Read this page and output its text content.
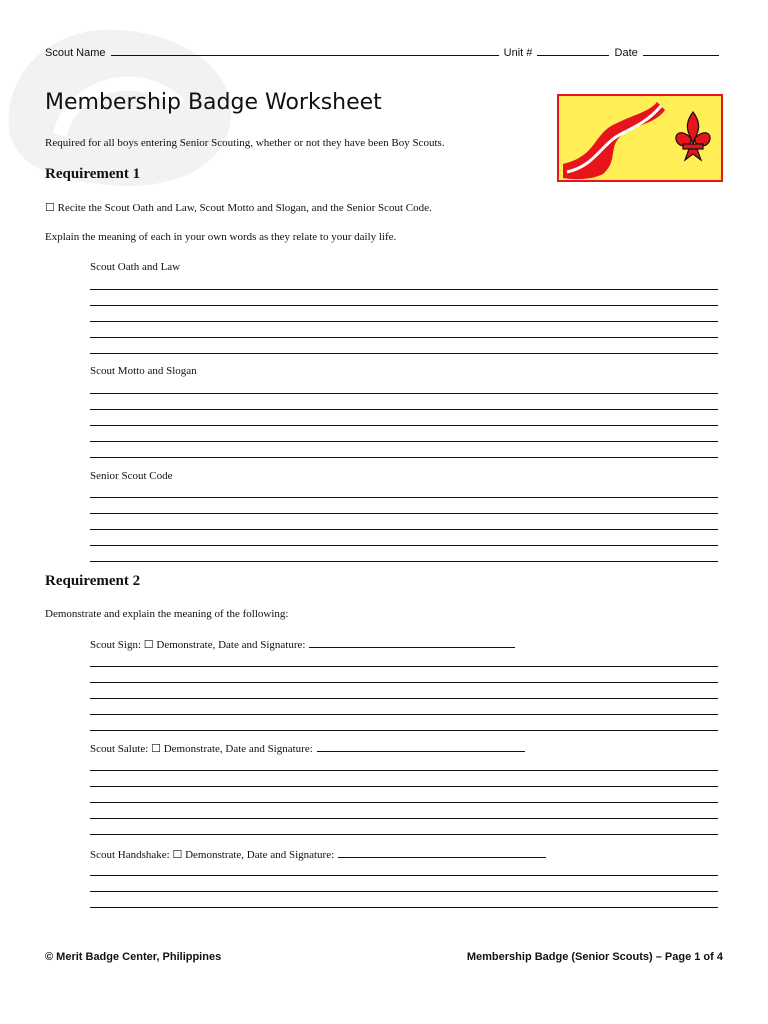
Scout Name	Unit #	Date
Membership Badge Worksheet
Required for all boys entering Senior Scouting, whether or not they have been Boy Scouts.
Requirement 1
☐ Recite the Scout Oath and Law, Scout Motto and Slogan, and the Senior Scout Code.
Explain the meaning of each in your own words as they relate to your daily life.
Scout Oath and Law
Scout Motto and Slogan
Senior Scout Code
Requirement 2
Demonstrate and explain the meaning of the following:
Scout Sign: ☐ Demonstrate, Date and Signature:
Scout Salute: ☐ Demonstrate, Date and Signature:
Scout Handshake: ☐ Demonstrate, Date and Signature:
© Merit Badge Center, Philippines	Membership Badge (Senior Scouts) – Page 1 of 4
